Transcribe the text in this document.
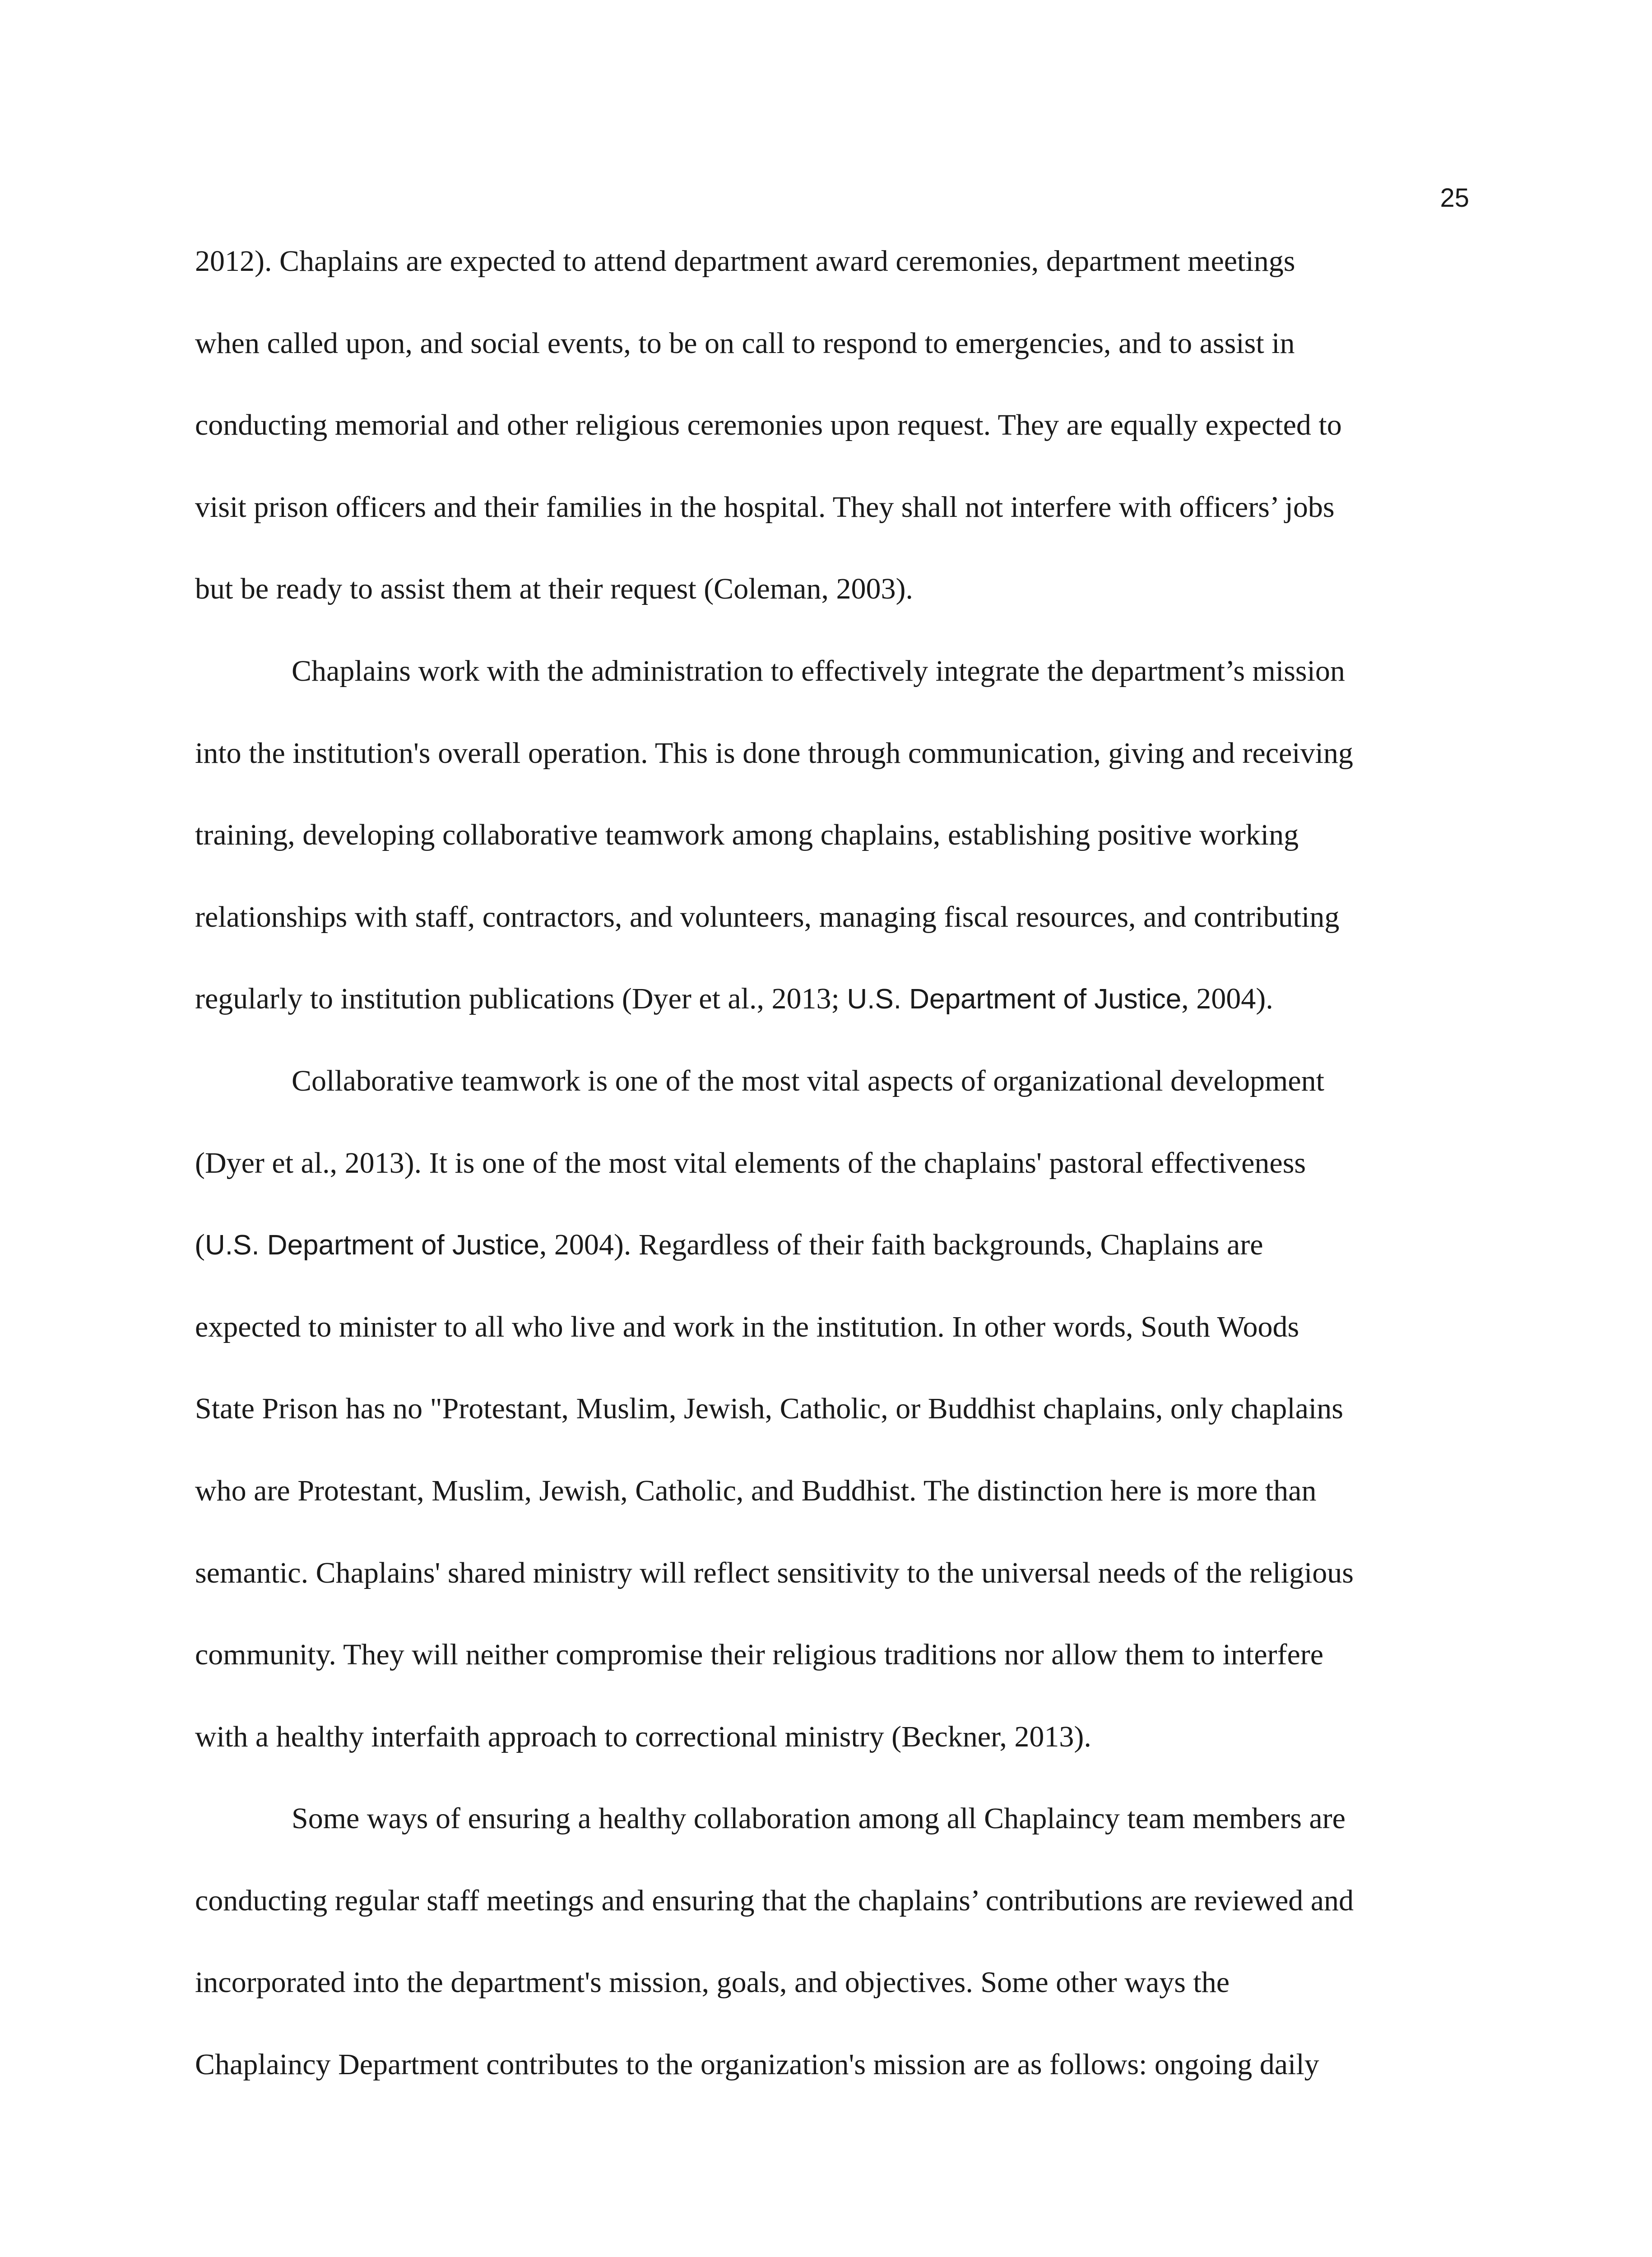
25
2012). Chaplains are expected to attend department award ceremonies, department meetings
when called upon, and social events, to be on call to respond to emergencies, and to assist in
conducting memorial and other religious ceremonies upon request. They are equally expected to
visit prison officers and their families in the hospital. They shall not interfere with officers’ jobs
but be ready to assist them at their request (Coleman, 2003).
Chaplains work with the administration to effectively integrate the department’s mission
into the institution's overall operation. This is done through communication, giving and receiving
training, developing collaborative teamwork among chaplains, establishing positive working
relationships with staff, contractors, and volunteers, managing fiscal resources, and contributing
regularly to institution publications (Dyer et al., 2013; U.S. Department of Justice, 2004).
Collaborative teamwork is one of the most vital aspects of organizational development
(Dyer et al., 2013). It is one of the most vital elements of the chaplains' pastoral effectiveness
(U.S. Department of Justice, 2004). Regardless of their faith backgrounds, Chaplains are
expected to minister to all who live and work in the institution. In other words, South Woods
State Prison has no "Protestant, Muslim, Jewish, Catholic, or Buddhist chaplains, only chaplains
who are Protestant, Muslim, Jewish, Catholic, and Buddhist. The distinction here is more than
semantic. Chaplains' shared ministry will reflect sensitivity to the universal needs of the religious
community. They will neither compromise their religious traditions nor allow them to interfere
with a healthy interfaith approach to correctional ministry (Beckner, 2013).
Some ways of ensuring a healthy collaboration among all Chaplaincy team members are
conducting regular staff meetings and ensuring that the chaplains’ contributions are reviewed and
incorporated into the department's mission, goals, and objectives. Some other ways the
Chaplaincy Department contributes to the organization's mission are as follows: ongoing daily
